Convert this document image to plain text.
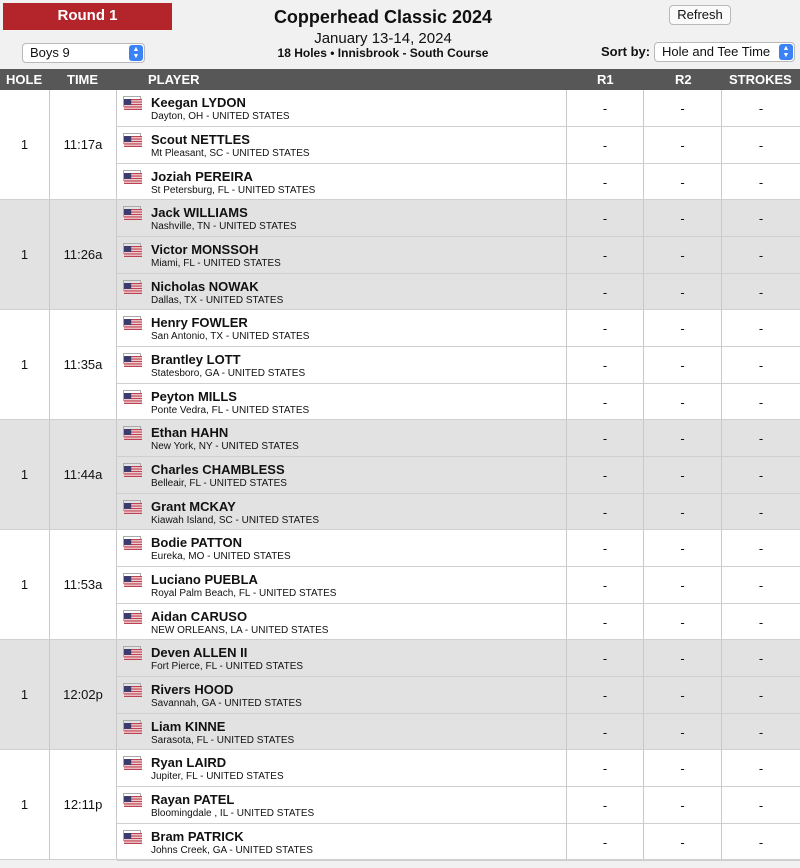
Round 1
Boys 9	▲
▼
Copperhead Classic 2024
January 13-14, 2024
18 Holes • Innisbrook - South Course
Refresh
Sort by: Hole and Tee Time	▲
▼
HOLE TIME	PLAYER	R1	R2	STROKES
1	11:17a
Keegan LYDON
Dayton, OH - UNITED STATES
-	-	-
Scout NETTLES
Mt Pleasant, SC - UNITED STATES
-	-	-
Joziah PEREIRA
St Petersburg, FL - UNITED STATES
-	-	-
1	11:26a
Jack WILLIAMS
Nashville, TN - UNITED STATES
-	-	-
Victor MONSSOH
Miami, FL - UNITED STATES
-	-	-
Nicholas NOWAK
Dallas, TX - UNITED STATES
-	-	-
1	11:35a
Henry FOWLER
San Antonio, TX - UNITED STATES
-	-	-
Brantley LOTT
Statesboro, GA - UNITED STATES
-	-	-
Peyton MILLS
Ponte Vedra, FL - UNITED STATES
-	-	-
1	11:44a
Ethan HAHN
New York, NY - UNITED STATES
-	-	-
Charles CHAMBLESS
Belleair, FL - UNITED STATES
-	-	-
Grant MCKAY
Kiawah Island, SC - UNITED STATES
-	-	-
1	11:53a
Bodie PATTON
Eureka, MO - UNITED STATES
-	-	-
Luciano PUEBLA
Royal Palm Beach, FL - UNITED STATES
-	-	-
Aidan CARUSO
NEW ORLEANS, LA - UNITED STATES
-	-	-
1	12:02p
Deven ALLEN II
Fort Pierce, FL - UNITED STATES
-	-	-
Rivers HOOD
Savannah, GA - UNITED STATES
-	-	-
Liam KINNE
Sarasota, FL - UNITED STATES
-	-	-
1	12:11p
Ryan LAIRD
Jupiter, FL - UNITED STATES
-	-	-
Rayan PATEL
Bloomingdale , IL - UNITED STATES
-	-	-
Bram PATRICK
Johns Creek, GA - UNITED STATES
-	-	-
